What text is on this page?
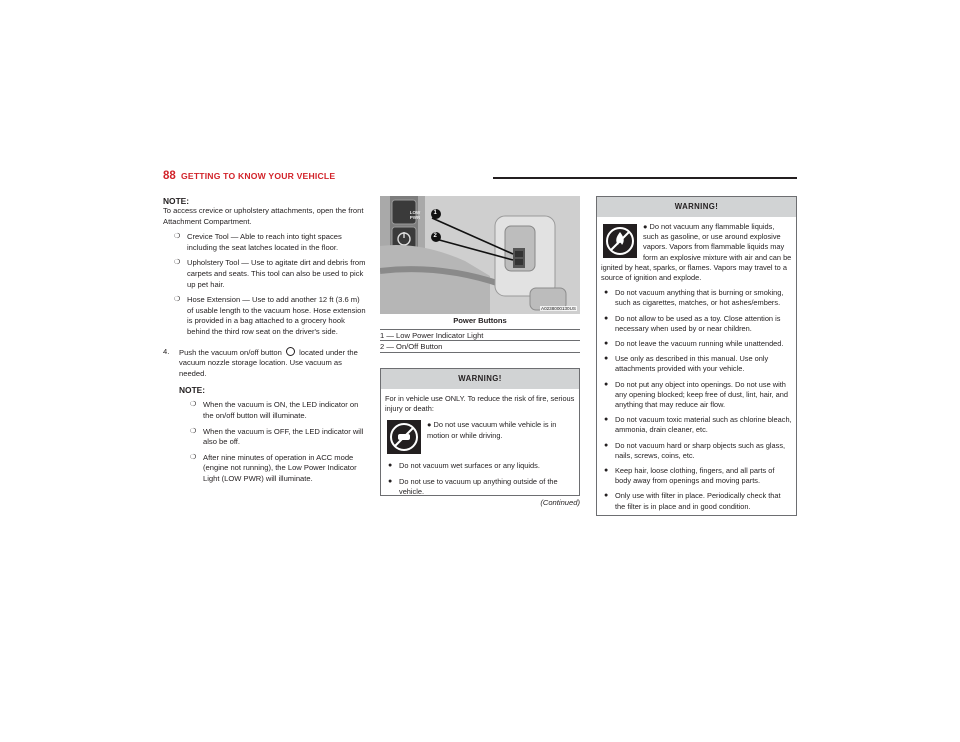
88 GETTING TO KNOW YOUR VEHICLE
NOTE:
To access crevice or upholstery attachments, open the front Attachment Compartment.
❍ Crevice Tool — Able to reach into tight spaces including the seat latches located in the floor.
❍ Upholstery Tool — Use to agitate dirt and debris from carpets and seats. This tool can also be used to pick up pet hair.
❍ Hose Extension — Use to add another 12 ft (3.6 m) of usable length to the vacuum hose. Hose extension is provided in a bag attached to a grocery hook behind the third row seat on the driver's side.
4. Push the vacuum on/off button located under the vacuum nozzle storage location. Use vacuum as needed.
NOTE:
❍ When the vacuum is ON, the LED indicator on the on/off button will illuminate.
❍ When the vacuum is OFF, the LED indicator will also be off.
❍ After nine minutes of operation in ACC mode (engine not running), the Low Power Indicator Light (LOW PWR) will illuminate.
LOW
PWR
1
2
A0238000130US
Power Buttons
1 — Low Power Indicator Light
2 — On/Off Button
WARNING!
For in vehicle use ONLY. To reduce the risk of fire, serious injury or death:
● Do not use vacuum while vehicle is in motion or while driving.
● Do not vacuum wet surfaces or any liquids.
● Do not use to vacuum up anything outside of the vehicle.
(Continued)
WARNING!
● Do not vacuum any flammable liquids, such as gasoline, or use around explosive vapors. Vapors from flammable liquids may form an explosive mixture with air and can be ignited by heat, sparks, or flames. Vapors may travel to a source of ignition and explode.
● Do not vacuum anything that is burning or smoking, such as cigarettes, matches, or hot ashes/embers.
● Do not allow to be used as a toy. Close attention is necessary when used by or near children.
● Do not leave the vacuum running while unattended.
● Use only as described in this manual. Use only attachments provided with your vehicle.
● Do not put any object into openings. Do not use with any opening blocked; keep free of dust, lint, hair, and anything that may reduce air flow.
● Do not vacuum toxic material such as chlorine bleach, ammonia, drain cleaner, etc.
● Do not vacuum hard or sharp objects such as glass, nails, screws, coins, etc.
● Keep hair, loose clothing, fingers, and all parts of body away from openings and moving parts.
● Only use with filter in place. Periodically check that the filter is in place and in good condition.
